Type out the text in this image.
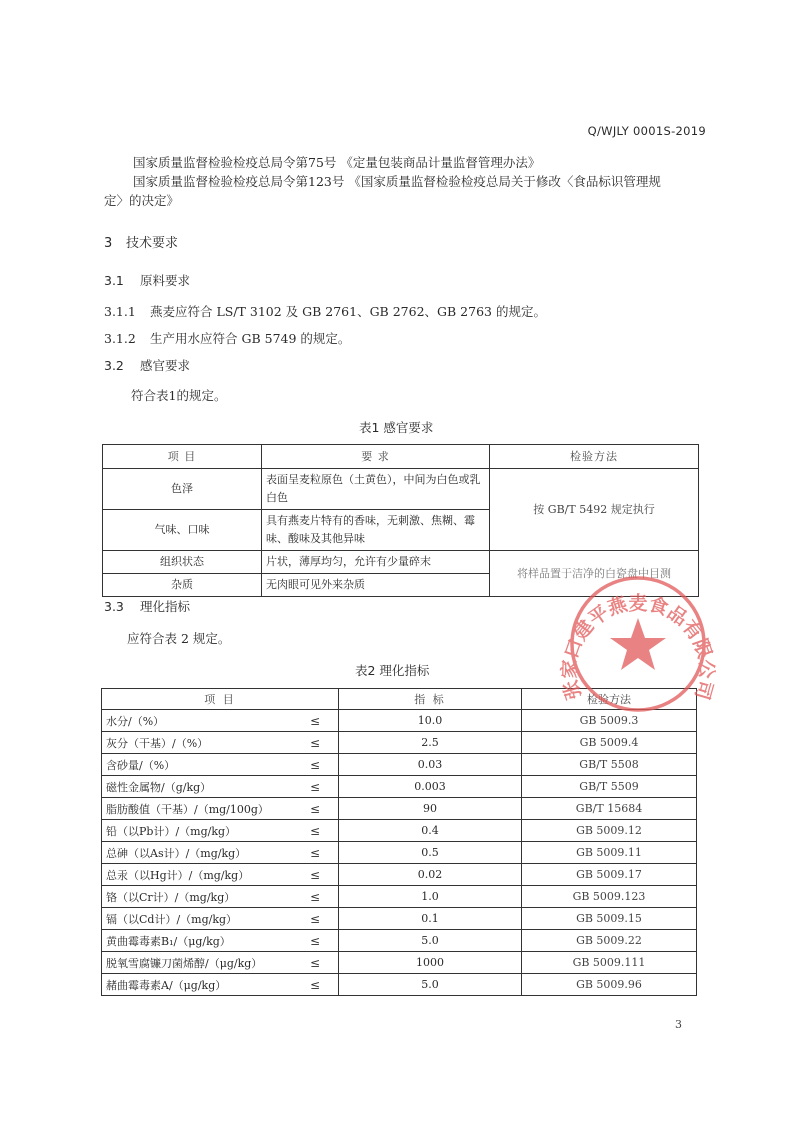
Q/WJLY 0001S-2019
国家质量监督检验检疫总局令第75号 《定量包装商品计量监督管理办法》
国家质量监督检验检疫总局令第123号 《国家质量监督检验检疫总局关于修改〈食品标识管理规
定〉的决定》
3 技术要求
3.1 原料要求
3.1.1 燕麦应符合 LS/T 3102 及 GB 2761、GB 2762、GB 2763 的规定。
3.1.2 生产用水应符合 GB 5749 的规定。
3.2 感官要求
符合表1的规定。
表1 感官要求
项 目	要 求	检验方法
色泽	表面呈麦粒原色（土黄色），中间为白色或乳白色	按 GB/T 5492 规定执行
气味、口味	具有燕麦片特有的香味，无刺激、焦糊、霉味、酸味及其他异味	
组织状态	片状，薄厚均匀，允许有少量碎末	将样品置于洁净的白瓷盘中目测
杂质	无肉眼可见外来杂质	
3.3 理化指标
应符合表 2 规定。
表2 理化指标
项 目		指 标	检验方法
水分/（%）	≤	10.0	GB 5009.3
灰分（干基）/（%）	≤	2.5	GB 5009.4
含砂量/（%）	≤	0.03	GB/T 5508
磁性金属物/（g/kg）	≤	0.003	GB/T 5509
脂肪酸值（干基）/（mg/100g）	≤	90	GB/T 15684
铅（以Pb计）/（mg/kg）	≤	0.4	GB 5009.12
总砷（以As计）/（mg/kg）	≤	0.5	GB 5009.11
总汞（以Hg计）/（mg/kg）	≤	0.02	GB 5009.17
铬（以Cr计）/（mg/kg）	≤	1.0	GB 5009.123
镉（以Cd计）/（mg/kg）	≤	0.1	GB 5009.15
黄曲霉毒素B₁/（μg/kg）	≤	5.0	GB 5009.22
脱氧雪腐镰刀菌烯醇/（μg/kg）	≤	1000	GB 5009.111
赭曲霉毒素A/（μg/kg）	≤	5.0	GB 5009.96
3
张家口建平燕麦食品有限公司
